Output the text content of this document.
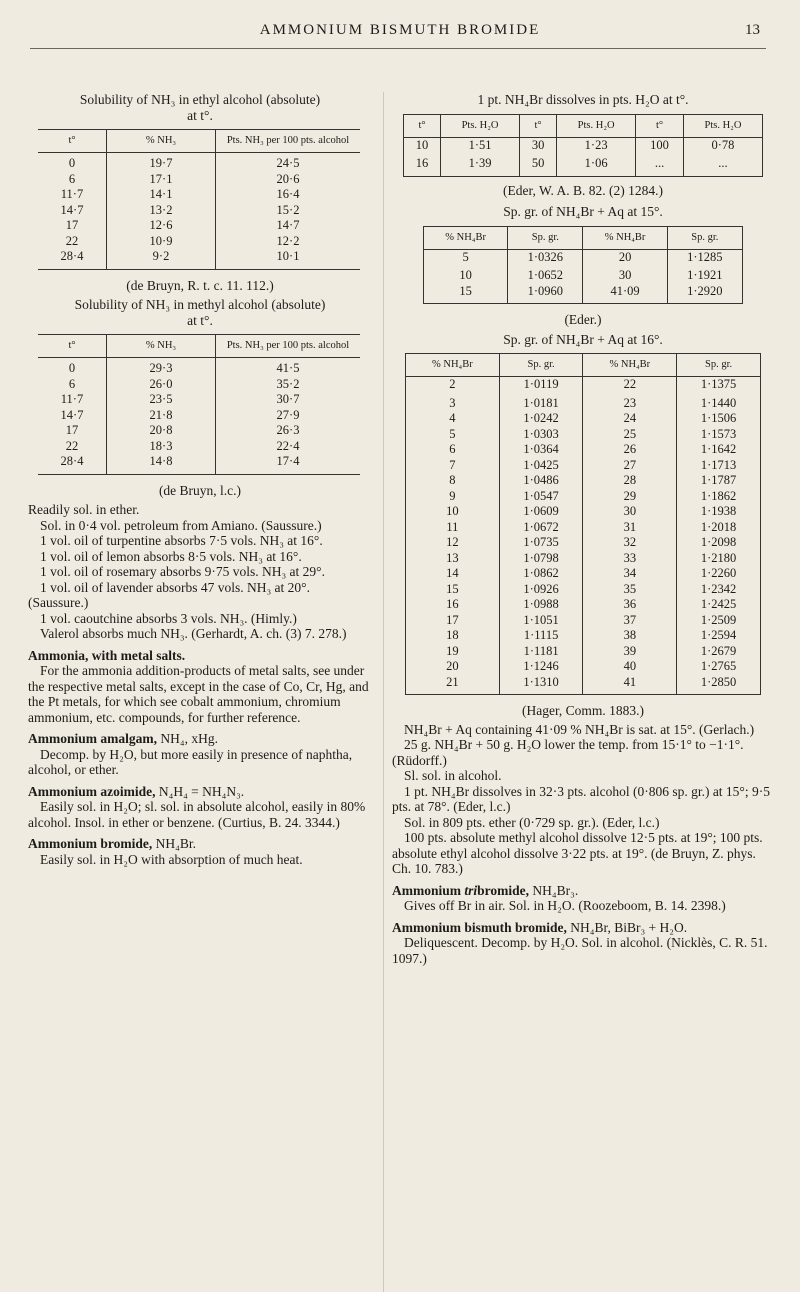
AMMONIUM BISMUTH BROMIDE	13

Solubility of NH₃ in ethyl alcohol (absolute)

at t°.

t°	% NH₃	Pts. NH₃ per 100 pts. alcohol
0	19·7	24·5
6	17·1	20·6
11·7	14·1	16·4
14·7	13·2	15·2
17	12·6	14·7
22	10·9	12·2
28·4	9·2	10·1

(de Bruyn, R. t. c. 11. 112.)

Solubility of NH₃ in methyl alcohol (absolute)

at t°.

t°	% NH₃	Pts. NH₃ per 100 pts. alcohol
0	29·3	41·5
6	26·0	35·2
11·7	23·5	30·7
14·7	21·8	27·9
17	20·8	26·3
22	18·3	22·4
28·4	14·8	17·4

(de Bruyn, l.c.)

Readily sol. in ether.

Sol. in 0·4 vol. petroleum from Amiano. (Saussure.)

1 vol. oil of turpentine absorbs 7·5 vols. NH₃ at 16°.

1 vol. oil of lemon absorbs 8·5 vols. NH₃ at 16°.

1 vol. oil of rosemary absorbs 9·75 vols. NH₃ at 29°.

1 vol. oil of lavender absorbs 47 vols. NH₃ at 20°. (Saussure.)

1 vol. caoutchine absorbs 3 vols. NH₃. (Himly.)

Valerol absorbs much NH₃. (Gerhardt, A. ch. (3) 7. 278.)

Ammonia, with metal salts.

For the ammonia addition-products of metal salts, see under the respective metal salts, except in the case of Co, Cr, Hg, and the Pt metals, for which see cobalt ammonium, chromium ammonium, etc. compounds, for further reference.

Ammonium amalgam, NH₄, xHg.

Decomp. by H₂O, but more easily in presence of naphtha, alcohol, or ether.

Ammonium azoimide, N₄H₄ = NH₄N₃.

Easily sol. in H₂O; sl. sol. in absolute alcohol, easily in 80% alcohol. Insol. in ether or benzene. (Curtius, B. 24. 3344.)

Ammonium bromide, NH₄Br.

Easily sol. in H₂O with absorption of much heat.

1 pt. NH₄Br dissolves in pts. H₂O at t°.

t°	Pts. H₂O	t°	Pts. H₂O	t°	Pts. H₂O
10	1·51	30	1·23	100	0·78
16	1·39	50	1·06	...	...

(Eder, W. A. B. 82. (2) 1284.)

Sp. gr. of NH₄Br + Aq at 15°.

% NH₄Br	Sp. gr.	% NH₄Br	Sp. gr.
5	1·0326	20	1·1285
10	1·0652	30	1·1921
15	1·0960	41·09	1·2920

(Eder.)

Sp. gr. of NH₄Br + Aq at 16°.

% NH₄Br	Sp. gr.	% NH₄Br	Sp. gr.
2	1·0119	22	1·1375
3	1·0181	23	1·1440
4	1·0242	24	1·1506
5	1·0303	25	1·1573
6	1·0364	26	1·1642
7	1·0425	27	1·1713
8	1·0486	28	1·1787
9	1·0547	29	1·1862
10	1·0609	30	1·1938
11	1·0672	31	1·2018
12	1·0735	32	1·2098
13	1·0798	33	1·2180
14	1·0862	34	1·2260
15	1·0926	35	1·2342
16	1·0988	36	1·2425
17	1·1051	37	1·2509
18	1·1115	38	1·2594
19	1·1181	39	1·2679
20	1·1246	40	1·2765
21	1·1310	41	1·2850

(Hager, Comm. 1883.)

NH₄Br + Aq containing 41·09 % NH₄Br is sat. at 15°. (Gerlach.)

25 g. NH₄Br + 50 g. H₂O lower the temp. from 15·1° to −1·1°. (Rüdorff.)

Sl. sol. in alcohol.

1 pt. NH₄Br dissolves in 32·3 pts. alcohol (0·806 sp. gr.) at 15°; 9·5 pts. at 78°. (Eder, l.c.)

Sol. in 809 pts. ether (0·729 sp. gr.). (Eder, l.c.)

100 pts. absolute methyl alcohol dissolve 12·5 pts. at 19°; 100 pts. absolute ethyl alcohol dissolve 3·22 pts. at 19°. (de Bruyn, Z. phys. Ch. 10. 783.)

Ammonium tribromide, NH₄Br₃.

Gives off Br in air. Sol. in H₂O. (Roozeboom, B. 14. 2398.)

Ammonium bismuth bromide, NH₄Br, BiBr₃ + H₂O.

Deliquescent. Decomp. by H₂O. Sol. in alcohol. (Nicklès, C. R. 51. 1097.)
